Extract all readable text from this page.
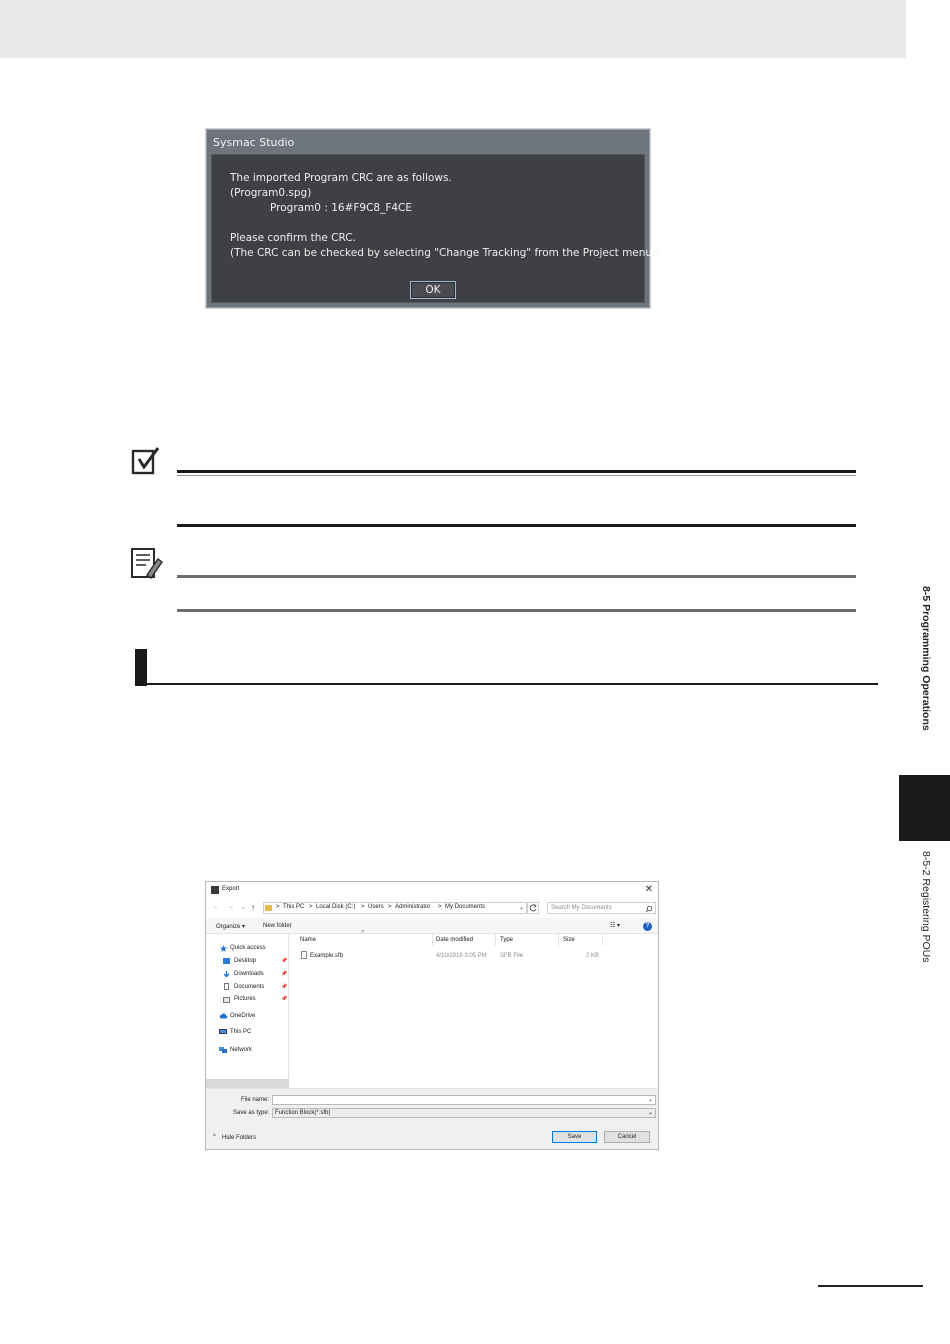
Sysmac Studio
The imported Program CRC are as follows.
(Program0.spg)
Program0 : 16#F9C8_F4CE
Please confirm the CRC.
(The CRC can be checked by selecting "Change Tracking" from the Project menu.)
OK
8-5 Programming Operations
8-5-2 Registering POUs
Export	✕
← → ⌄ ↑	> This PC > Local Disk (C:) > Users > Administrator > My Documents	⌄	Search My Documents
Organize ▾	New folder	☷ ▾	?
Quick access
Desktop	📌
Downloads	📌
Documents	📌
Pictures	📌
OneDrive
This PC
Network
^
Name	Date modified	Type	Size
Example.sfb	4/10/2018 3:05 PM SFB File	2 KB
File name:	⌄
Save as type: Function Block(*.sfb)	⌄
^ Hide Folders	Save	Cancel
